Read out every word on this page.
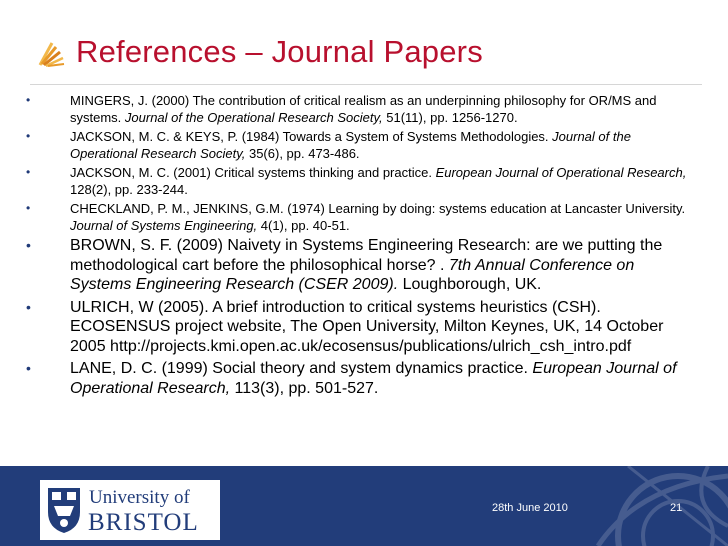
References – Journal Papers
•	MINGERS, J. (2000) The contribution of critical realism as an underpinning philosophy for OR/MS and systems. Journal of the Operational Research Society, 51(11), pp. 1256-1270.
•	JACKSON, M. C. & KEYS, P. (1984) Towards a System of Systems Methodologies. Journal of the Operational Research Society, 35(6), pp. 473-486.
•	JACKSON, M. C. (2001) Critical systems thinking and practice. European Journal of Operational Research, 128(2), pp. 233-244.
•	CHECKLAND, P. M., JENKINS, G.M. (1974) Learning by doing: systems education at Lancaster University. Journal of Systems Engineering, 4(1), pp. 40-51.
•	BROWN, S. F. (2009) Naivety in Systems Engineering Research: are we putting the methodological cart before the philosophical horse? . 7th Annual Conference on Systems Engineering Research (CSER 2009). Loughborough, UK.
•	ULRICH, W (2005). A brief introduction to critical systems heuristics (CSH). ECOSENSUS project website, The Open University, Milton Keynes, UK, 14 October 2005 http://projects.kmi.open.ac.uk/ecosensus/publications/ulrich_csh_intro.pdf
•	LANE, D. C. (1999) Social theory and system dynamics practice. European Journal of Operational Research, 113(3), pp. 501-527.
University of
BRISTOL
28th June 2010	21
